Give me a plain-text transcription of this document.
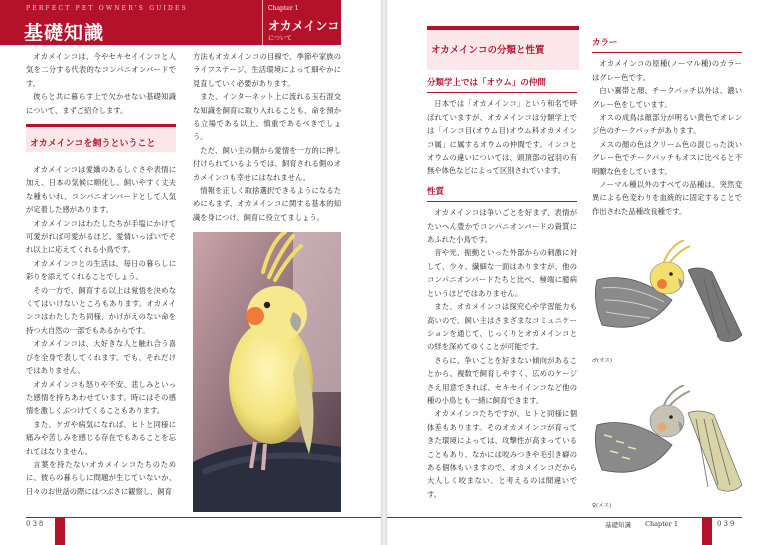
PERFECT PET OWNER'S GUIDES
基礎知識
Chapter 1
オカメインコ
について

オカメインコは、今やセキセイインコと人気を二分する代表的なコンパニオンバードです。

彼らと共に暮らす上で欠かせない基礎知識について、まずご紹介します。

オカメインコを飼うということ

オカメインコは愛嬌のあるしぐさや表情に加え、日本の気候に順化し、飼いやすく丈夫な種もいれ、コンパニオンバードとして人気が定着した感があります。

オカメインコはわたしたちが手塩にかけて可愛がれば可愛がるほど、愛情いっぱいでそれ以上に応えてくれる小鳥です。

オカメインコとの生活は、毎日の暮らしに彩りを添えてくれることでしょう。

その一方で、飼育する以上は覚悟を決めなくてはいけないところもあります。オカメインコはわたしたち同様、かけがえのない命を持つ大自然の一部でもあるからです。

オカメインコは、大好きな人と触れ合う喜びを全身で表してくれます。でも、それだけではありません。

オカメインコも怒りや不安、悲しみといった感情を持ちあわせています。時にはその感情を激しくぶつけてくることもあります。

また、ケガや病気になれば、ヒトと同様に痛みや苦しみを感じる存在でもあることを忘れてはなりません。

言葉を持たないオカメインコたちのために、彼らの暮らしに問題が生じていないか、日々のお世話の際にはつぶさに観察し、飼育

方法もオカメインコの目線で、季節や家族のライフステージ、生活環境によって細やかに見直していく必要があります。

また、インターネット上に流れる玉石混交な知識を飼育に取り入れることも、命を預かる立場である以上、慎重であるべきでしょう。

ただ、飼い主の側から愛情を一方的に押し付けられているようでは、飼育される側のオカメインコも幸せにはなれません。

情報を正しく取捨選択できるようになるためにもまず、オカメインコに関する基本的知識を身につけ、飼育に役立てましょう。

038
オカメインコの分類と性質
分類学上では「オウム」の仲間

日本では「オカメインコ」という和名で呼ばれていますが、オカメインコは分類学上では「インコ目(オウム目)オウム科オカメインコ属」に属するオウムの仲間です。インコとオウムの違いについては、頭頂部の冠羽の有無や体色などによって区別されています。

性質

オカメインコは争いごとを好まず、表情がたいへん豊かでコンパニオンバードの資質にあふれた小鳥です。

音や光、振動といった外部からの刺激に対して、少々、繊細な一面はありますが、他のコンパニオンバードたちと比べ、極端に臆病というほどではありません。

また、オカメインコは探究心や学習能力も高いので、飼い主はさまざまなコミュニケーションを通じて、じっくりとオカメインコとの絆を深めてゆくことが可能です。

さらに、争いごとを好まない傾向があることから、複数で飼育しやすく、広めのケージさえ用意できれば、セキセイインコなど他の種の小鳥とも一緒に飼育できます。

オカメインコたちですが、ヒトと同様に個体差もあります。そのオカメインコが育ってきた環境によっては、攻撃性が高まっていることもあり、なかには咬みつきや毛引き癖のある個体もいますので、オカメインコだから大人しく咬まない、と考えるのは間違いです。

カラー

オカメインコの原種(ノーマル種)のカラーはグレー色です。

白い翼帯と顔、チークパッチ以外は、濃いグレー色をしています。

オスの成鳥は顔部分が明るい黄色でオレンジ色のチークパッチがあります。

メスの顔の色はクリーム色の混じった淡いグレー色でチークパッチもオスに比べると不明瞭な色をしています。

ノーマル種以外のすべての品種は、突然変異による色変わりを血統的に固定することで作出された品種改良種です。

♂(オス)
♀(メス)
基礎知識 Chapter 1	039
